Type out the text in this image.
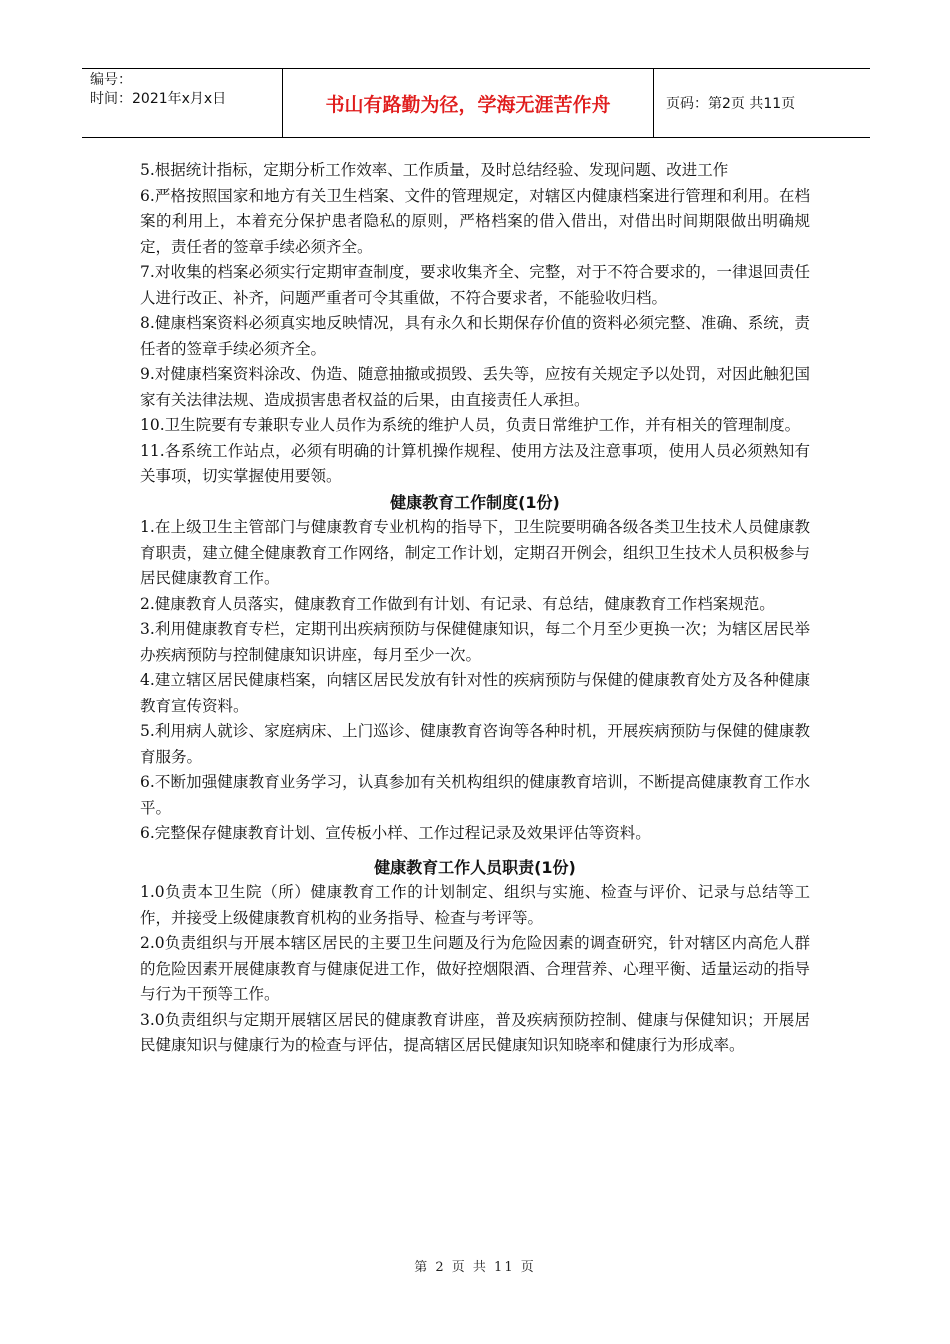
编号：
时间：2021年x月x日	书山有路勤为径，学海无涯苦作舟	页码：第2页 共11页

5.根据统计指标，定期分析工作效率、工作质量，及时总结经验、发现问题、改进工作

6.严格按照国家和地方有关卫生档案、文件的管理规定，对辖区内健康档案进行管理和利用。在档案的利用上，本着充分保护患者隐私的原则，严格档案的借入借出，对借出时间期限做出明确规定，责任者的签章手续必须齐全。

7.对收集的档案必须实行定期审查制度，要求收集齐全、完整，对于不符合要求的，一律退回责任人进行改正、补齐，问题严重者可令其重做，不符合要求者，不能验收归档。

8.健康档案资料必须真实地反映情况，具有永久和长期保存价值的资料必须完整、准确、系统，责任者的签章手续必须齐全。

9.对健康档案资料涂改、伪造、随意抽撤或损毁、丢失等，应按有关规定予以处罚，对因此触犯国家有关法律法规、造成损害患者权益的后果，由直接责任人承担。

10.卫生院要有专兼职专业人员作为系统的维护人员，负责日常维护工作，并有相关的管理制度。

11.各系统工作站点，必须有明确的计算机操作规程、使用方法及注意事项，使用人员必须熟知有关事项，切实掌握使用要领。

健康教育工作制度(1份)

1.在上级卫生主管部门与健康教育专业机构的指导下，卫生院要明确各级各类卫生技术人员健康教育职责，建立健全健康教育工作网络，制定工作计划，定期召开例会，组织卫生技术人员积极参与居民健康教育工作。

2.健康教育人员落实，健康教育工作做到有计划、有记录、有总结，健康教育工作档案规范。

3.利用健康教育专栏，定期刊出疾病预防与保健健康知识，每二个月至少更换一次；为辖区居民举办疾病预防与控制健康知识讲座，每月至少一次。

4.建立辖区居民健康档案，向辖区居民发放有针对性的疾病预防与保健的健康教育处方及各种健康教育宣传资料。

5.利用病人就诊、家庭病床、上门巡诊、健康教育咨询等各种时机，开展疾病预防与保健的健康教育服务。

6.不断加强健康教育业务学习，认真参加有关机构组织的健康教育培训，不断提高健康教育工作水平。

6.完整保存健康教育计划、宣传板小样、工作过程记录及效果评估等资料。

健康教育工作人员职责(1份)

1.0负责本卫生院（所）健康教育工作的计划制定、组织与实施、检查与评价、记录与总结等工作，并接受上级健康教育机构的业务指导、检查与考评等。

2.0负责组织与开展本辖区居民的主要卫生问题及行为危险因素的调查研究，针对辖区内高危人群的危险因素开展健康教育与健康促进工作，做好控烟限酒、合理营养、心理平衡、适量运动的指导与行为干预等工作。

3.0负责组织与定期开展辖区居民的健康教育讲座，普及疾病预防控制、健康与保健知识；开展居民健康知识与健康行为的检查与评估，提高辖区居民健康知识知晓率和健康行为形成率。

第 2 页 共 11 页
